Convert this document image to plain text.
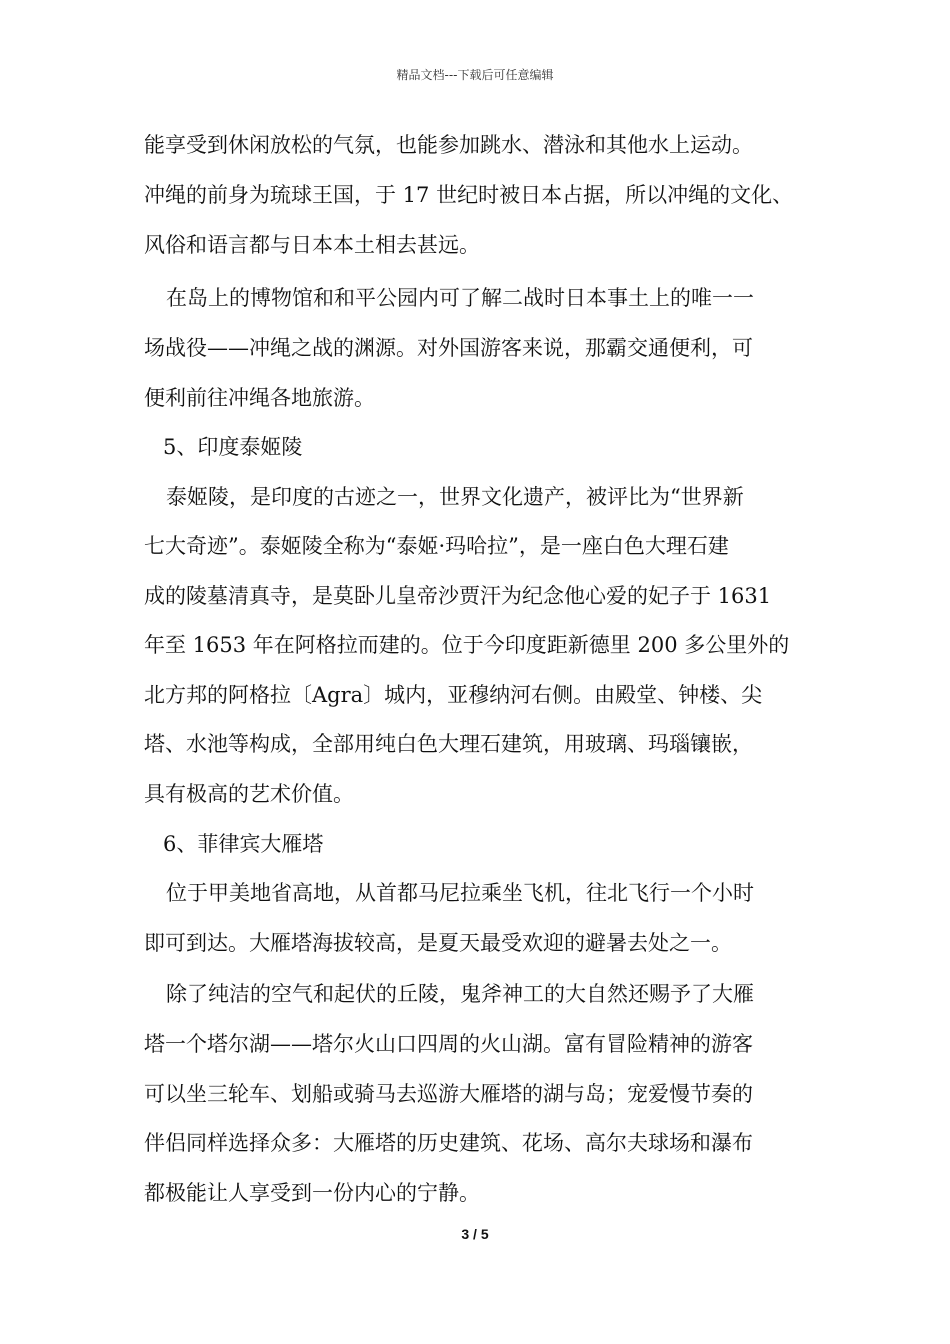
精品文档---下载后可任意编辑
能享受到休闲放松的气氛，也能参加跳水、潜泳和其他水上运动。
冲绳的前身为琉球王国，于 17 世纪时被日本占据，所以冲绳的文化、
风俗和语言都与日本本土相去甚远。
在岛上的博物馆和和平公园内可了解二战时日本事土上的唯一一
场战役——冲绳之战的渊源。对外国游客来说，那霸交通便利，可
便利前往冲绳各地旅游。
5、印度泰姬陵
泰姬陵，是印度的古迹之一，世界文化遗产，被评比为“世界新
七大奇迹”。泰姬陵全称为“泰姬·玛哈拉”，是一座白色大理石建
成的陵墓清真寺，是莫卧儿皇帝沙贾汗为纪念他心爱的妃子于 1631
年至 1653 年在阿格拉而建的。位于今印度距新德里 200 多公里外的
北方邦的阿格拉〔Agra〕城内，亚穆纳河右侧。由殿堂、钟楼、尖
塔、水池等构成，全部用纯白色大理石建筑，用玻璃、玛瑙镶嵌，
具有极高的艺术价值。
6、菲律宾大雁塔
位于甲美地省高地，从首都马尼拉乘坐飞机，往北飞行一个小时
即可到达。大雁塔海拔较高，是夏天最受欢迎的避暑去处之一。
除了纯洁的空气和起伏的丘陵，鬼斧神工的大自然还赐予了大雁
塔一个塔尔湖——塔尔火山口四周的火山湖。富有冒险精神的游客
可以坐三轮车、划船或骑马去巡游大雁塔的湖与岛；宠爱慢节奏的
伴侣同样选择众多：大雁塔的历史建筑、花场、高尔夫球场和瀑布
都极能让人享受到一份内心的宁静。
3 / 5
